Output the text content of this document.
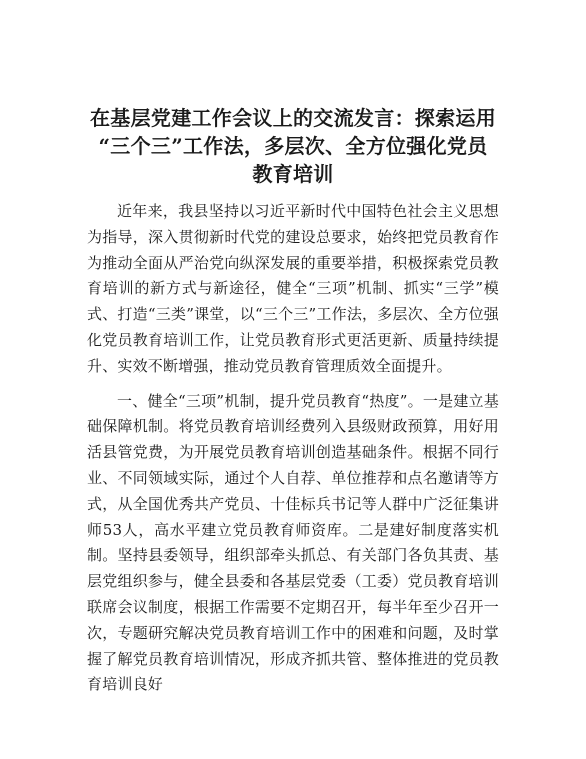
在基层党建工作会议上的交流发言：探索运用
“三个三”工作法，多层次、全方位强化党员
教育培训

近年来，我县坚持以习近平新时代中国特色社会主义思想为指导，深入贯彻新时代党的建设总要求，始终把党员教育作为推动全面从严治党向纵深发展的重要举措，积极探索党员教育培训的新方式与新途径，健全“三项”机制、抓实“三学”模式、打造“三类”课堂，以“三个三”工作法，多层次、全方位强化党员教育培训工作，让党员教育形式更活更新、质量持续提升、实效不断增强，推动党员教育管理质效全面提升。

一、健全“三项”机制，提升党员教育“热度”。一是建立基础保障机制。将党员教育培训经费列入县级财政预算，用好用活县管党费，为开展党员教育培训创造基础条件。根据不同行业、不同领域实际，通过个人自荐、单位推荐和点名邀请等方式，从全国优秀共产党员、十佳标兵书记等人群中广泛征集讲师53人，高水平建立党员教育师资库。二是建好制度落实机制。坚持县委领导，组织部牵头抓总、有关部门各负其责、基层党组织参与，健全县委和各基层党委（工委）党员教育培训联席会议制度，根据工作需要不定期召开，每半年至少召开一次，专题研究解决党员教育培训工作中的困难和问题，及时掌握了解党员教育培训情况，形成齐抓共管、整体推进的党员教育培训良好
